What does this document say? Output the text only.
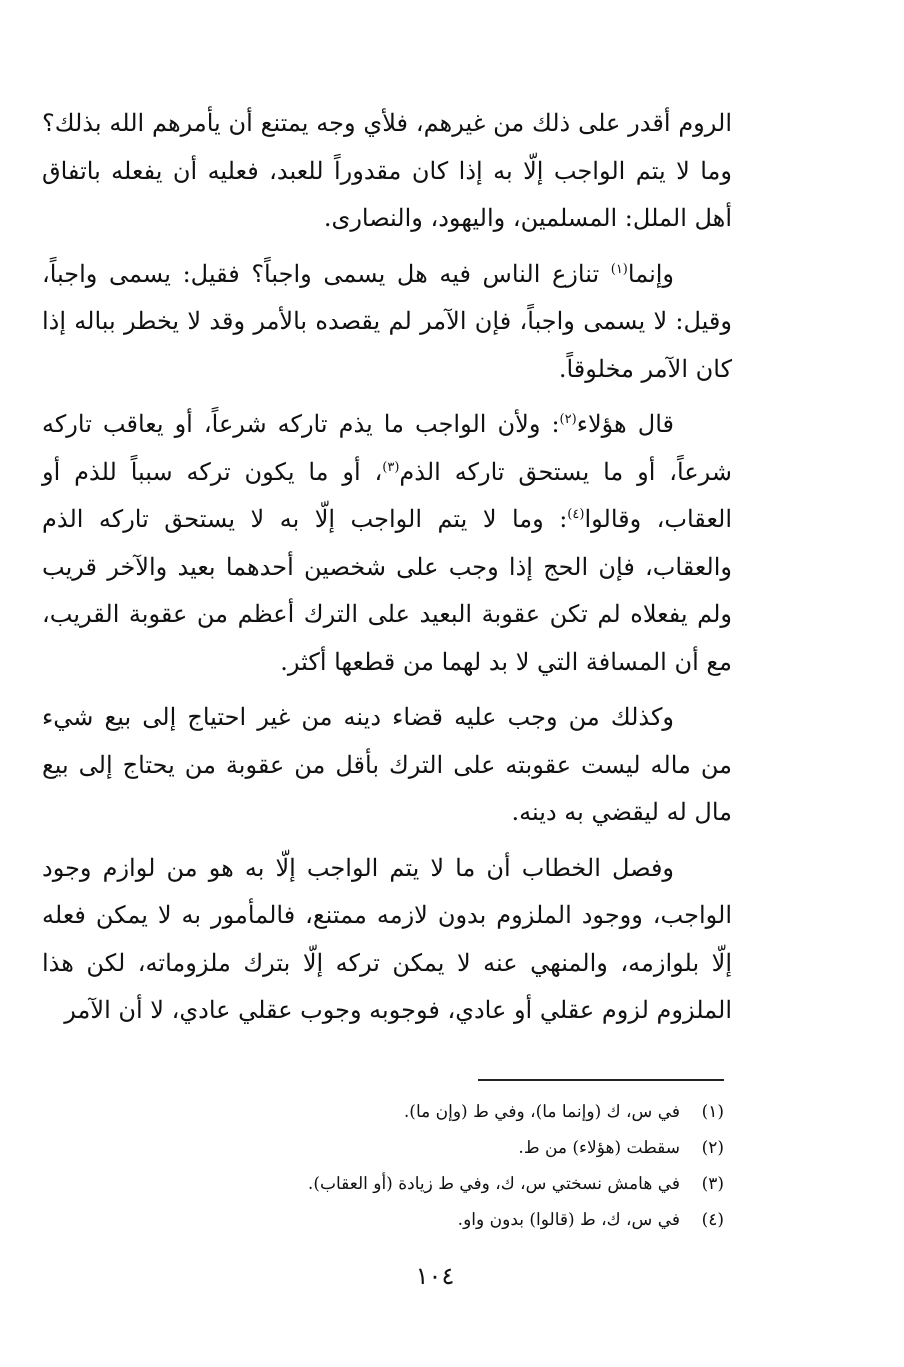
الروم أقدر على ذلك من غيرهم، فلأي وجه يمتنع أن يأمرهم الله بذلك؟ وما لا يتم الواجب إلّا به إذا كان مقدوراً للعبد، فعليه أن يفعله باتفاق أهل الملل: المسلمين، واليهود، والنصارى.

وإنما$^{(١)}$ تنازع الناس فيه هل يسمى واجباً؟ فقيل: يسمى واجباً، وقيل: لا يسمى واجباً، فإن الآمر لم يقصده بالأمر وقد لا يخطر بباله إذا كان الآمر مخلوقاً.

قال هؤلاء$^{(٢)}$: ولأن الواجب ما يذم تاركه شرعاً، أو يعاقب تاركه شرعاً، أو ما يستحق تاركه الذم$^{(٣)}$، أو ما يكون تركه سبباً للذم أو العقاب، وقالوا$^{(٤)}$: وما لا يتم الواجب إلّا به لا يستحق تاركه الذم والعقاب، فإن الحج إذا وجب على شخصين أحدهما بعيد والآخر قريب ولم يفعلاه لم تكن عقوبة البعيد على الترك أعظم من عقوبة القريب، مع أن المسافة التي لا بد لهما من قطعها أكثر.

وكذلك من وجب عليه قضاء دينه من غير احتياج إلى بيع شيء من ماله ليست عقوبته على الترك بأقل من عقوبة من يحتاج إلى بيع مال له ليقضي به دينه.

وفصل الخطاب أن ما لا يتم الواجب إلّا به هو من لوازم وجود الواجب، ووجود الملزوم بدون لازمه ممتنع، فالمأمور به لا يمكن فعله إلّا بلوازمه، والمنهي عنه لا يمكن تركه إلّا بترك ملزوماته، لكن هذا الملزوم لزوم عقلي أو عادي، فوجوبه وجوب عقلي عادي، لا أن الآمر

(١)في س، ك (وإنما ما)، وفي ط (وإن ما).
(٢)سقطت (هؤلاء) من ط.
(٣)في هامش نسختي س، ك، وفي ط زيادة (أو العقاب).
(٤)في س، ك، ط (قالوا) بدون واو.
١٠٤
